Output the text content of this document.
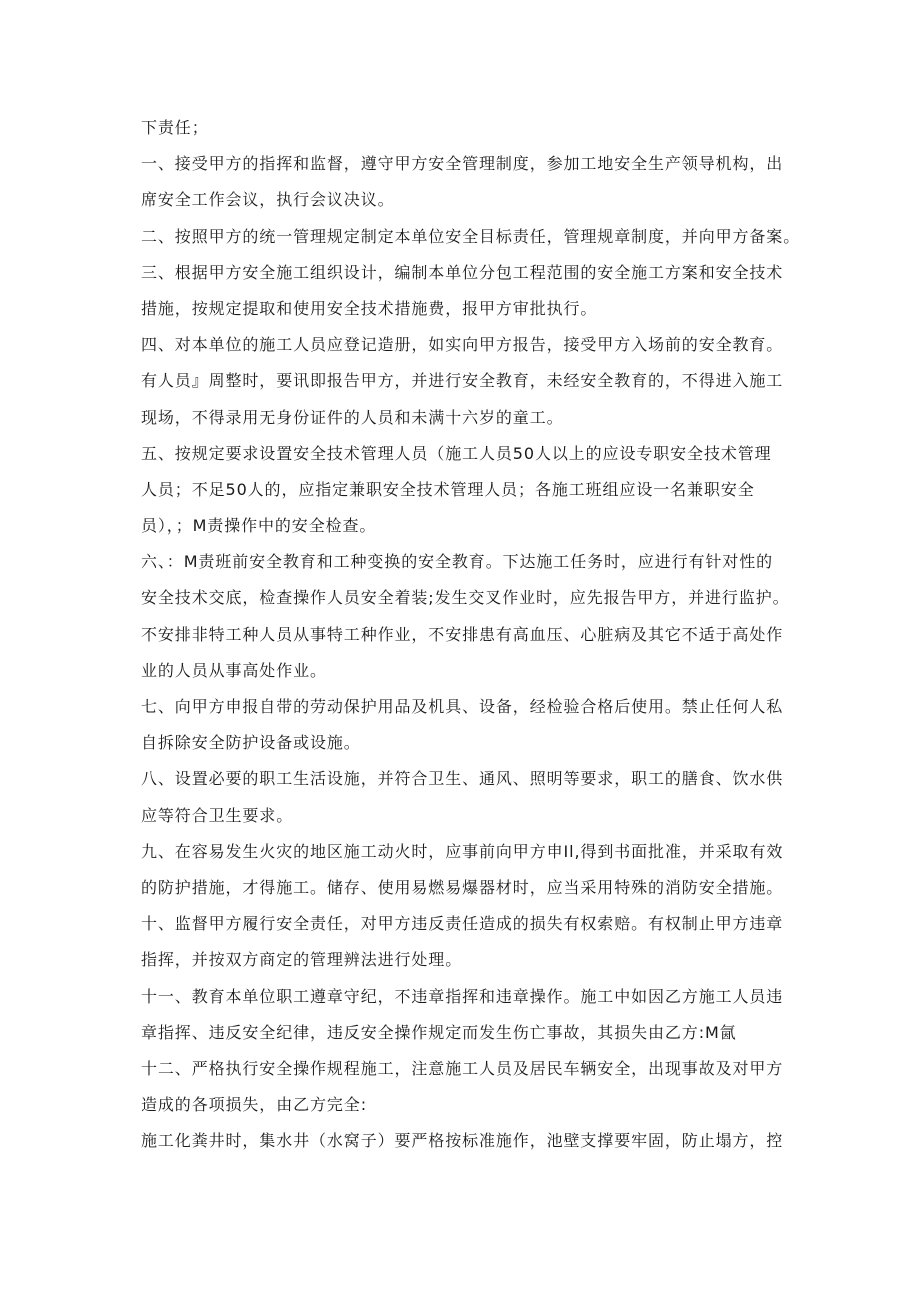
下责任；
一、接受甲方的指挥和监督，遵守甲方安全管理制度，参加工地安全生产领导机构，出
席安全工作会议，执行会议决议。
二、按照甲方的统一管理规定制定本单位安全目标责任，管理规章制度，并向甲方备案。
三、根据甲方安全施工组织设计，编制本单位分包工程范围的安全施工方案和安全技术
措施，按规定提取和使用安全技术措施费，报甲方审批执行。
四、对本单位的施工人员应登记造册，如实向甲方报告，接受甲方入场前的安全教育。
有人员』周整时，要讯即报告甲方，并进行安全教育，未经安全教育的，不得进入施工
现场，不得录用无身份证件的人员和未满十六岁的童工。
五、按规定要求设置安全技术管理人员（施工人员50人以上的应设专职安全技术管理
人员；不足50人的，应指定兼职安全技术管理人员；各施工班组应设一名兼职安全
员），；M责操作中的安全检查。
六、：M责班前安全教育和工种变换的安全教育。下达施工任务时，应进行有针对性的
安全技术交底，检查操作人员安全着装;发生交叉作业时，应先报告甲方，并进行监护。
不安排非特工种人员从事特工种作业，不安排患有高血压、心脏病及其它不适于高处作
业的人员从事高处作业。
七、向甲方申报自带的劳动保护用品及机具、设备，经检验合格后使用。禁止任何人私
自拆除安全防护设备或设施。
八、设置必要的职工生活设施，并符合卫生、通风、照明等要求，职工的膳食、饮水供
应等符合卫生要求。
九、在容易发生火灾的地区施工动火时，应事前向甲方申Il,得到书面批准，并采取有效
的防护措施，才得施工。储存、使用易燃易爆器材时，应当采用特殊的消防安全措施。
十、监督甲方履行安全责任，对甲方违反责任造成的损失有权索赔。有权制止甲方违章
指挥，并按双方商定的管理辨法进行处理。
十一、教育本单位职工遵章守纪，不违章指挥和违章操作。施工中如因乙方施工人员违
章指挥、违反安全纪律，违反安全操作规定而发生伤亡事故，其损失由乙方:M氤
十二、严格执行安全操作规程施工，注意施工人员及居民车辆安全，出现事故及对甲方
造成的各项损失，由乙方完全:
施工化粪井时，集水井（水窝子）要严格按标准施作，池壁支撑要牢固，防止塌方，控
